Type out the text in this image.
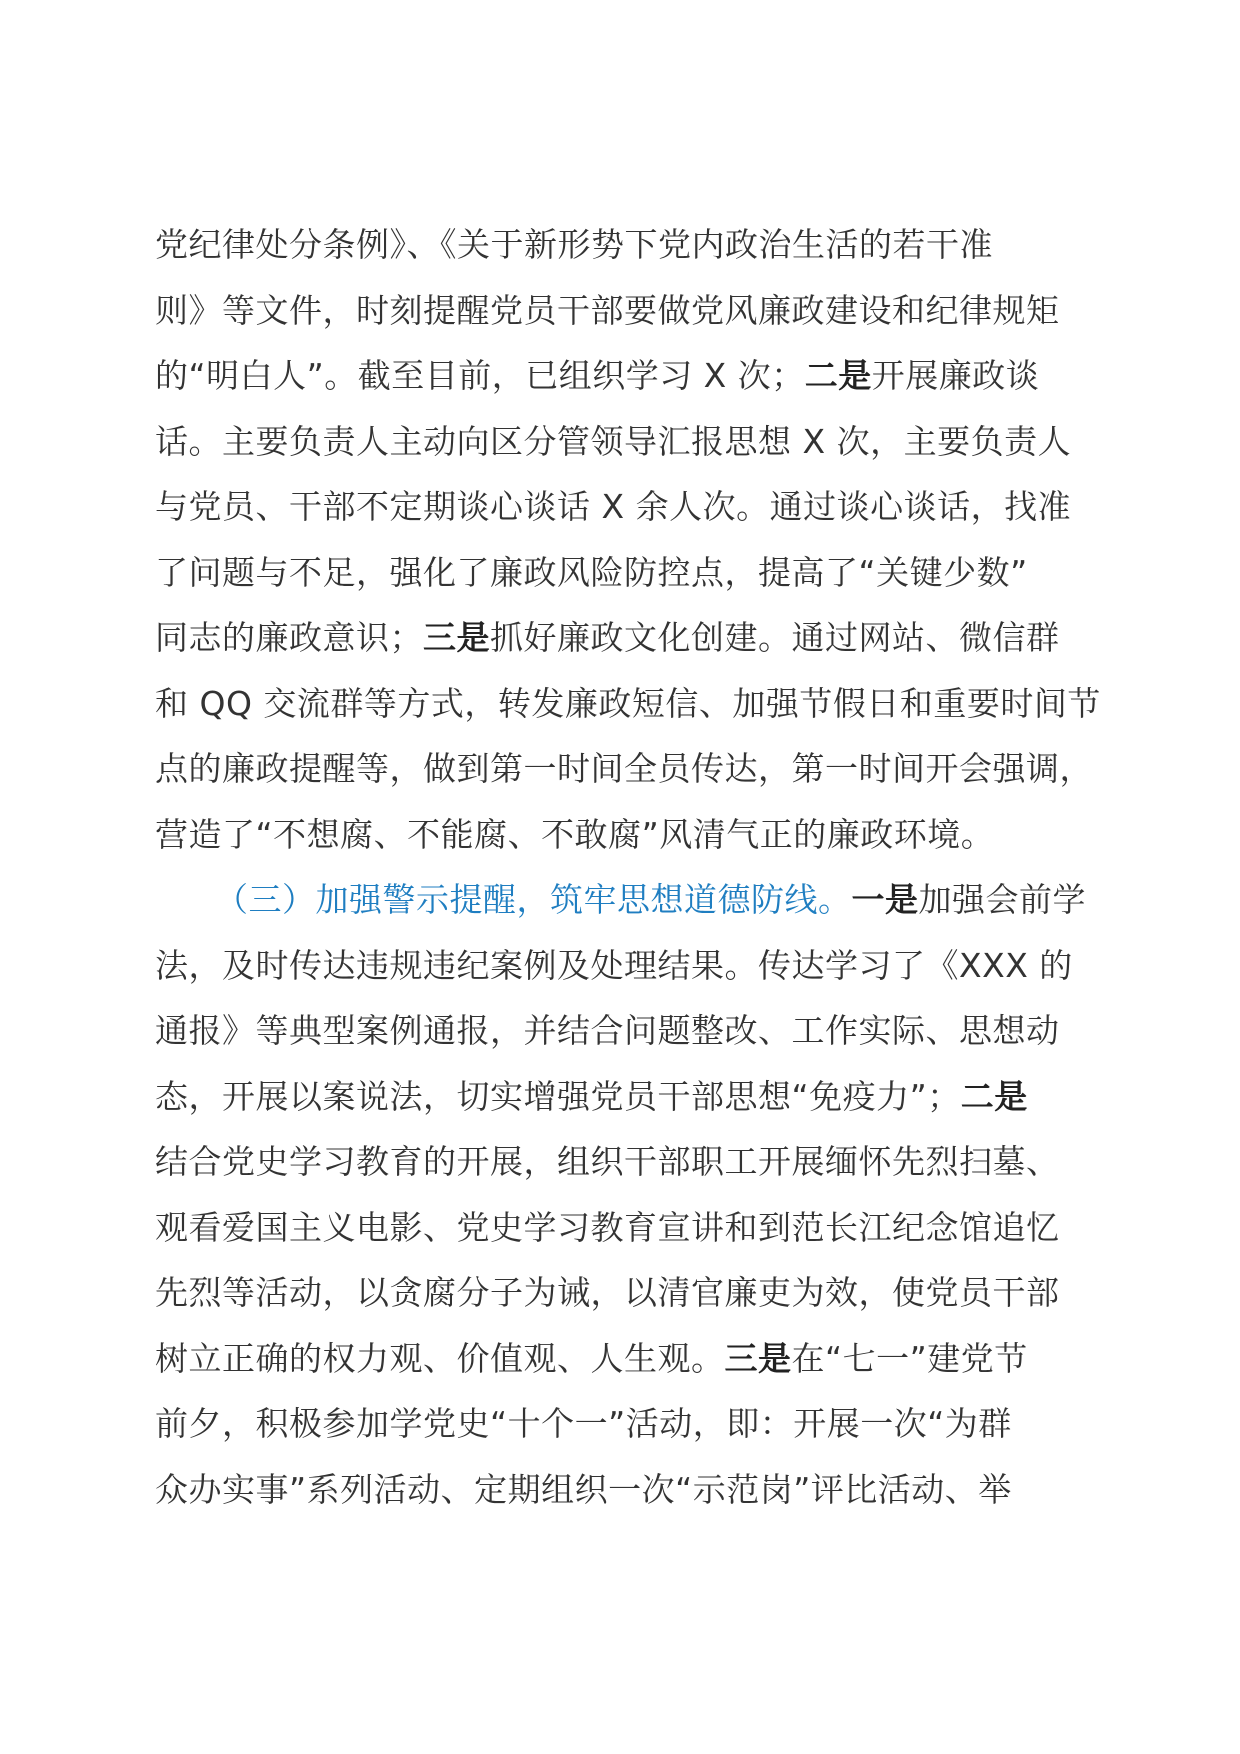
党纪律处分条例》、《关于新形势下党内政治生活的若干准
则》等文件，时刻提醒党员干部要做党风廉政建设和纪律规矩
的“明白人”。截至目前，已组织学习 X 次；二是开展廉政谈
话。主要负责人主动向区分管领导汇报思想 X 次，主要负责人
与党员、干部不定期谈心谈话 X 余人次。通过谈心谈话，找准
了问题与不足，强化了廉政风险防控点，提高了“关键少数”
同志的廉政意识；三是抓好廉政文化创建。通过网站、微信群
和 QQ 交流群等方式，转发廉政短信、加强节假日和重要时间节
点的廉政提醒等，做到第一时间全员传达，第一时间开会强调，
营造了“不想腐、不能腐、不敢腐”风清气正的廉政环境。
（三）加强警示提醒，筑牢思想道德防线。一是加强会前学
法，及时传达违规违纪案例及处理结果。传达学习了《XXX 的
通报》等典型案例通报，并结合问题整改、工作实际、思想动
态，开展以案说法，切实增强党员干部思想“免疫力”；二是
结合党史学习教育的开展，组织干部职工开展缅怀先烈扫墓、
观看爱国主义电影、党史学习教育宣讲和到范长江纪念馆追忆
先烈等活动，以贪腐分子为诫，以清官廉吏为效，使党员干部
树立正确的权力观、价值观、人生观。三是在“七一”建党节
前夕，积极参加学党史“十个一”活动，即：开展一次“为群
众办实事”系列活动、定期组织一次“示范岗”评比活动、举
